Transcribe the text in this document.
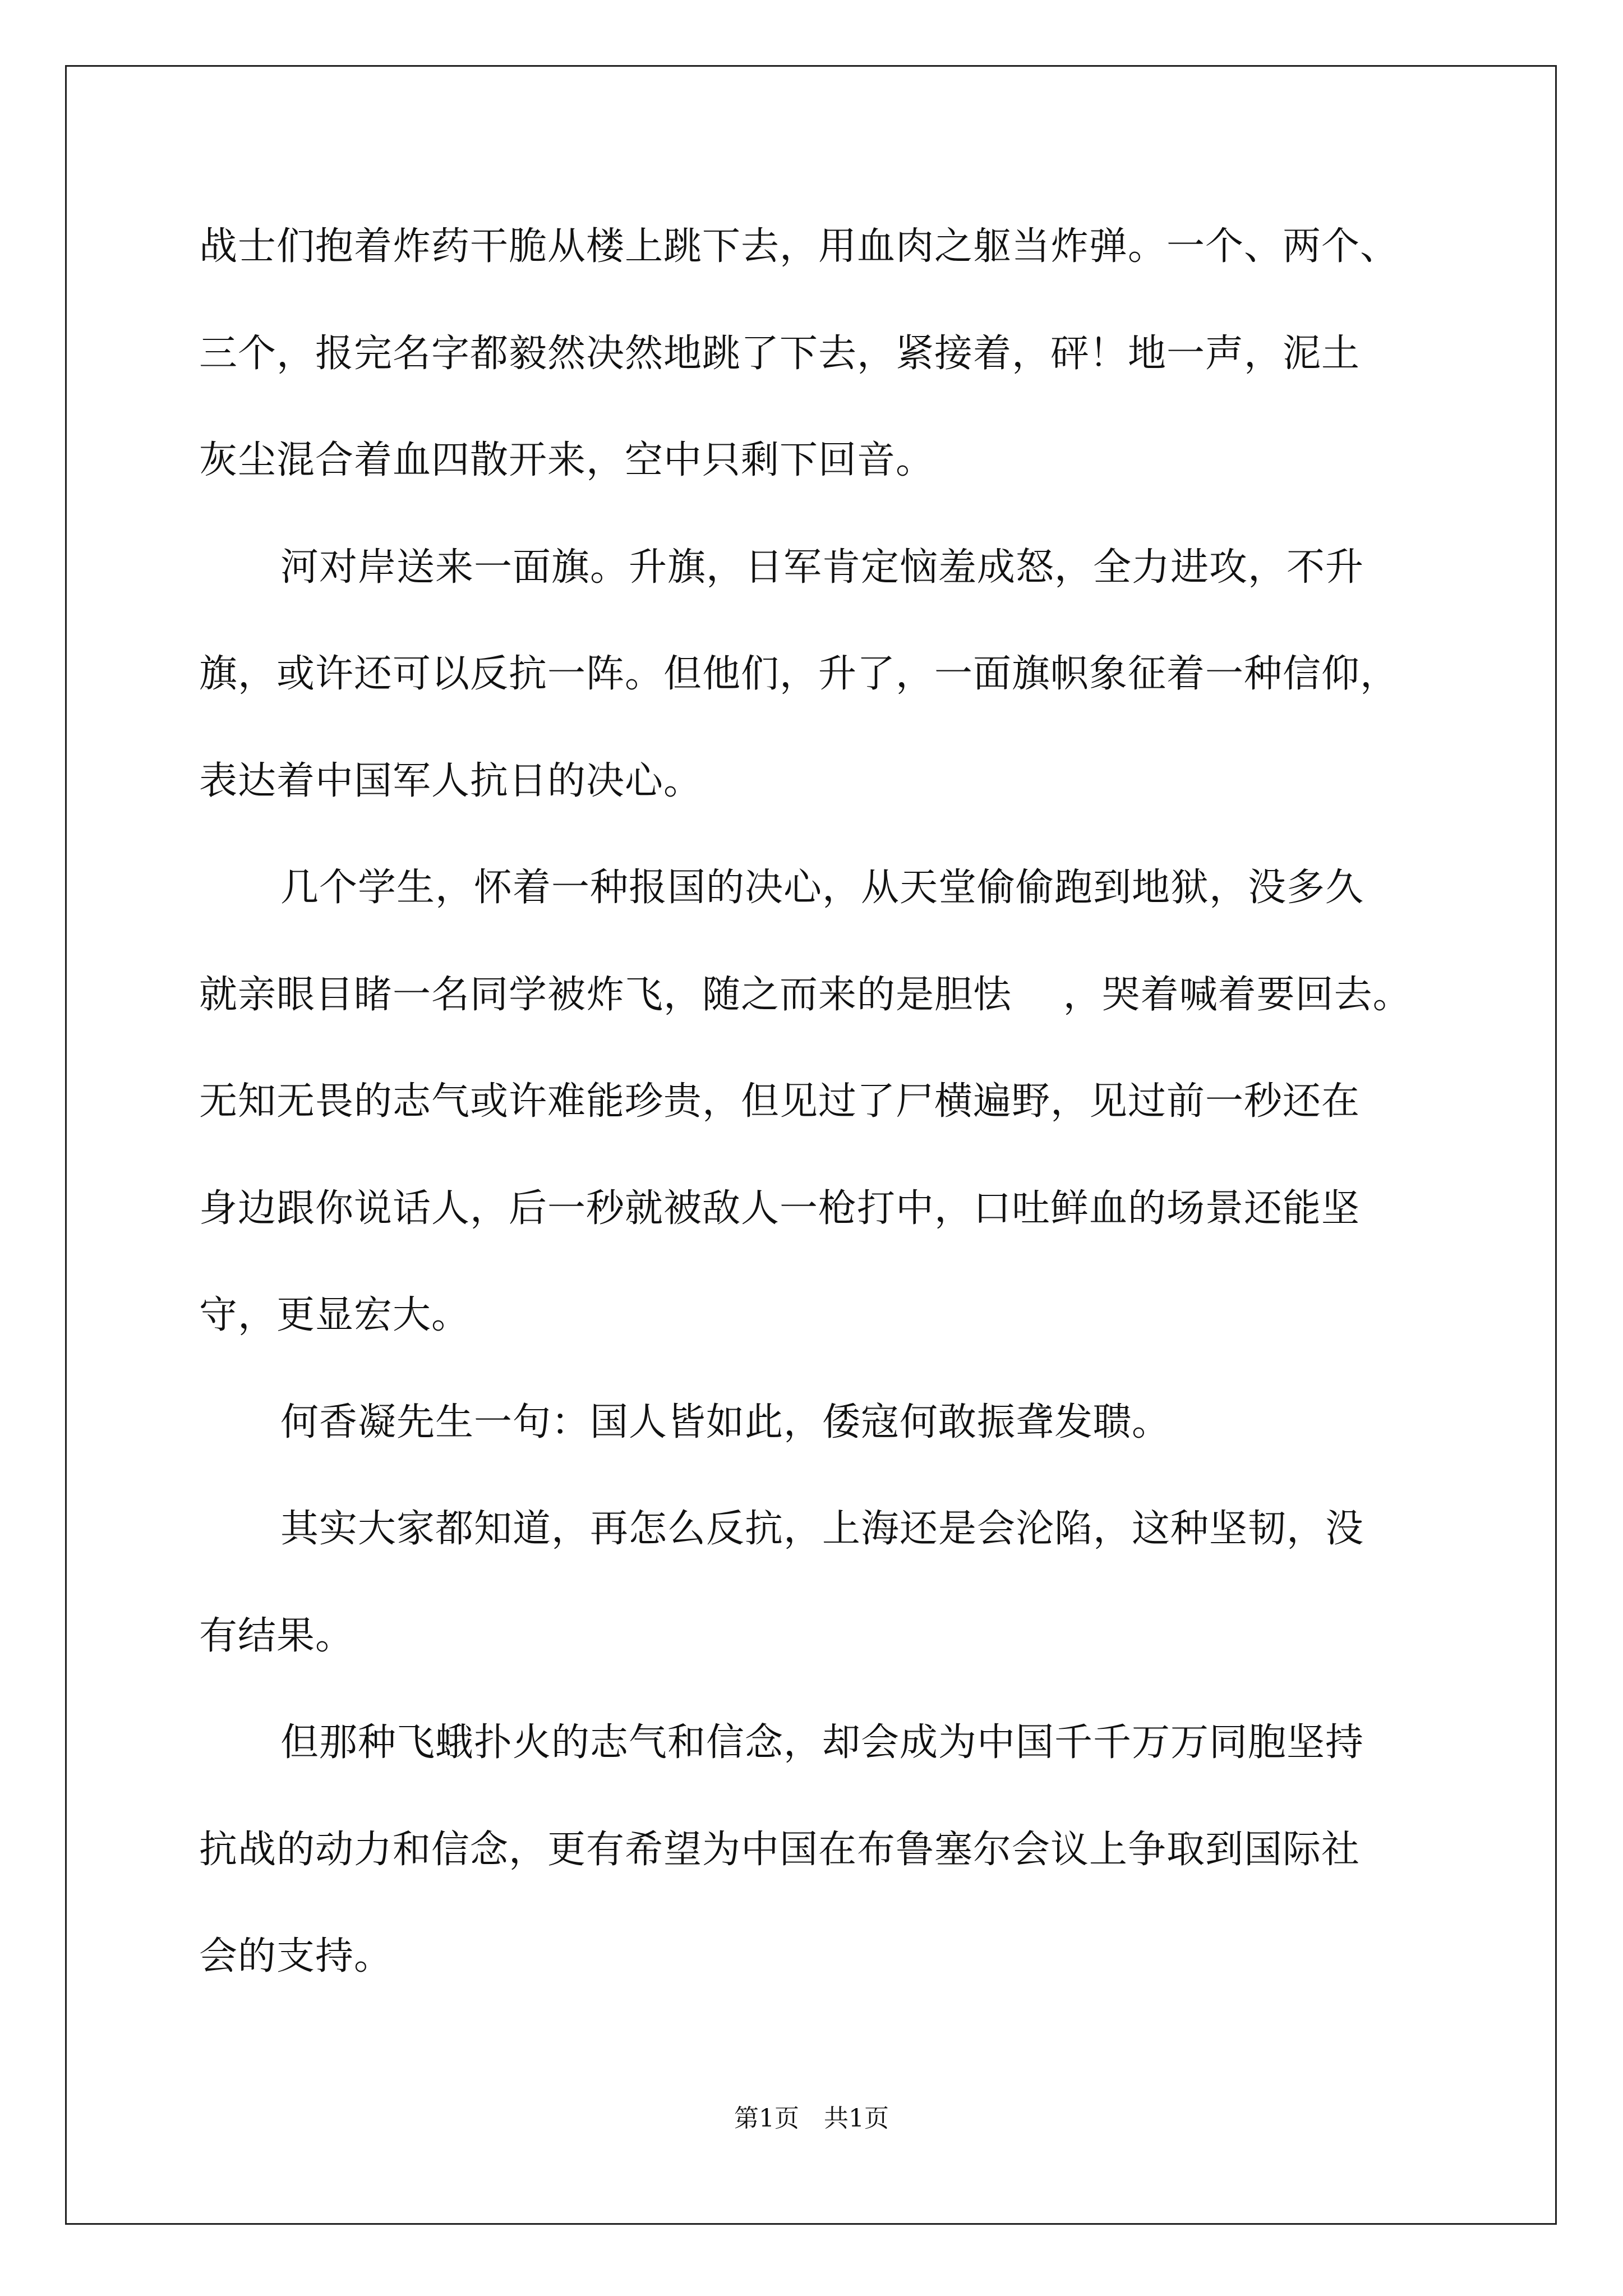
战士们抱着炸药干脆从楼上跳下去，用血肉之躯当炸弹。一个、两个、
三个，报完名字都毅然决然地跳了下去，紧接着，砰！地一声，泥土
灰尘混合着血四散开来，空中只剩下回音。
河对岸送来一面旗。升旗，日军肯定恼羞成怒，全力进攻，不升
旗，或许还可以反抗一阵。但他们，升了，一面旗帜象征着一种信仰，
表达着中国军人抗日的决心。
几个学生，怀着一种报国的决心，从天堂偷偷跑到地狱，没多久
就亲眼目睹一名同学被炸飞，随之而来的是胆怯　 ，哭着喊着要回去。
无知无畏的志气或许难能珍贵，但见过了尸横遍野，见过前一秒还在
身边跟你说话人，后一秒就被敌人一枪打中，口吐鲜血的场景还能坚
守，更显宏大。
何香凝先生一句：国人皆如此，倭寇何敢振聋发聩。
其实大家都知道，再怎么反抗，上海还是会沦陷，这种坚韧，没
有结果。
但那种飞蛾扑火的志气和信念，却会成为中国千千万万同胞坚持
抗战的动力和信念，更有希望为中国在布鲁塞尔会议上争取到国际社
会的支持。
第1页　共1页
